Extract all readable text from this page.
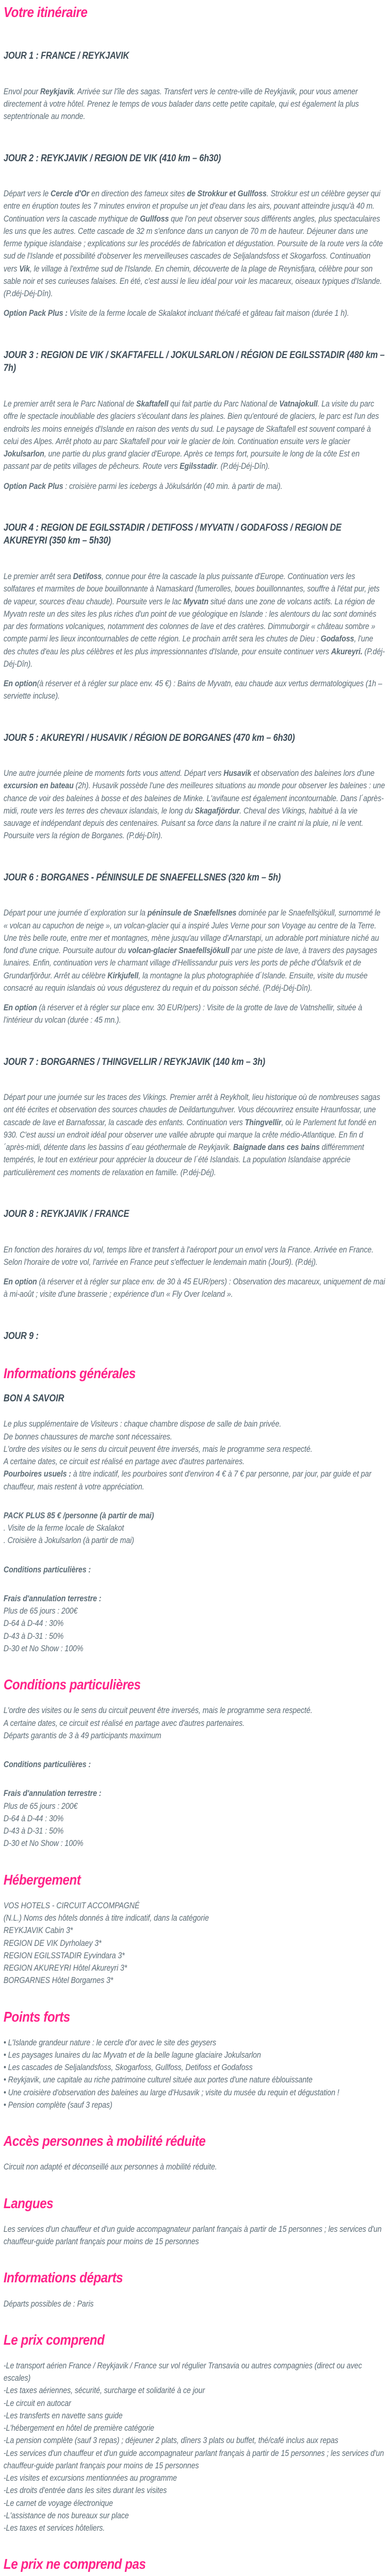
Votre itinéraire
JOUR 1 : FRANCE / REYKJAVIK

Envol pour Reykjavik. Arrivée sur l'île des sagas. Transfert vers le centre-ville de Reykjavik, pour vous amener directement à votre hôtel. Prenez le temps de vous balader dans cette petite capitale, qui est également la plus septentrionale au monde.

JOUR 2 : REYKJAVIK / REGION DE VIK (410 km – 6h30)

Départ vers le Cercle d'Or en direction des fameux sites de Strokkur et Gullfoss. Strokkur est un célèbre geyser qui entre en éruption toutes les 7 minutes environ et propulse un jet d'eau dans les airs, pouvant atteindre jusqu'à 40 m. Continuation vers la cascade mythique de Gullfoss que l'on peut observer sous différents angles, plus spectaculaires les uns que les autres. Cette cascade de 32 m s'enfonce dans un canyon de 70 m de hauteur. Déjeuner dans une ferme typique islandaise ; explications sur les procédés de fabrication et dégustation. Poursuite de la route vers la côte sud de l'Islande et possibilité d'observer les merveilleuses cascades de Seljalandsfoss et Skogarfoss. Continuation vers Vik, le village à l'extrême sud de l'Islande. En chemin, découverte de la plage de Reynisfjara, célèbre pour son sable noir et ses curieuses falaises. En été, c'est aussi le lieu idéal pour voir les macareux, oiseaux typiques d'Islande. (P.déj-Déj-Dîn).

Option Pack Plus : Visite de la ferme locale de Skalakot incluant thé/café et gâteau fait maison (durée 1 h).

JOUR 3 : REGION DE VIK / SKAFTAFELL / JOKULSARLON / RÉGION DE EGILSSTADIR (480 km – 7h)

Le premier arrêt sera le Parc National de Skaftafell qui fait partie du Parc National de Vatnajokull. La visite du parc offre le spectacle inoubliable des glaciers s'écoulant dans les plaines. Bien qu'entouré de glaciers, le parc est l'un des endroits les moins enneigés d'Islande en raison des vents du sud. Le paysage de Skaftafell est souvent comparé à celui des Alpes. Arrêt photo au parc Skaftafell pour voir le glacier de loin. Continuation ensuite vers le glacier Jokulsarlon, une partie du plus grand glacier d'Europe. Après ce temps fort, poursuite le long de la côte Est en passant par de petits villages de pêcheurs. Route vers Egilsstadir. (P.déj-Déj-Dîn).

Option Pack Plus : croisière parmi les icebergs à Jökulsárlón (40 min. à partir de mai).

JOUR 4 : REGION DE EGILSSTADIR / DETIFOSS / MYVATN / GODAFOSS / REGION DE AKUREYRI (350 km – 5h30)

Le premier arrêt sera Detifoss, connue pour être la cascade la plus puissante d'Europe. Continuation vers les solfatares et marmites de boue bouillonnante à Namaskard (fumerolles, boues bouillonnantes, souffre à l'état pur, jets de vapeur, sources d'eau chaude). Poursuite vers le lac Myvatn situé dans une zone de volcans actifs. La région de Myvatn reste un des sites les plus riches d'un point de vue géologique en Islande : les alentours du lac sont dominés par des formations volcaniques, notamment des colonnes de lave et des cratères. Dimmuborgir « château sombre » compte parmi les lieux incontournables de cette région. Le prochain arrêt sera les chutes de Dieu : Godafoss, l'une des chutes d'eau les plus célèbres et les plus impressionnantes d'Islande, pour ensuite continuer vers Akureyri. (P.déj-Déj-Dîn).

En option(à réserver et à régler sur place env. 45 €) : Bains de Myvatn, eau chaude aux vertus dermatologiques (1h – serviette incluse).

JOUR 5 : AKUREYRI / HUSAVIK / RÉGION DE BORGANES (470 km – 6h30)

Une autre journée pleine de moments forts vous attend. Départ vers Husavik et observation des baleines lors d'une excursion en bateau (2h). Husavik possède l'une des meilleures situations au monde pour observer les baleines : une chance de voir des baleines à bosse et des baleines de Minke. L'avifaune est également incontournable. Dans l´après-midi, route vers les terres des chevaux islandais, le long du Skagafjördur. Cheval des Vikings, habitué à la vie sauvage et indépendant depuis des centenaires. Puisant sa force dans la nature il ne craint ni la pluie, ni le vent. Poursuite vers la région de Borganes. (P.déj-Dîn).

JOUR 6 : BORGANES - PÉNINSULE DE SNAEFELLSNES (320 km – 5h)

Départ pour une journée d´exploration sur la péninsule de Snæfellsnes dominée par le Snaefellsjökull, surnommé le « volcan au capuchon de neige », un volcan-glacier qui a inspiré Jules Verne pour son Voyage au centre de la Terre. Une très belle route, entre mer et montagnes, mène jusqu'au village d'Arnarstapi, un adorable port miniature niché au fond d'une crique. Poursuite autour du volcan-glacier Snaefellsjökull par une piste de lave, à travers des paysages lunaires. Enfin, continuation vers le charmant village d'Hellissandur puis vers les ports de pêche d'Ólafsvík et de Grundarfjörður. Arrêt au célèbre Kirkjufell, la montagne la plus photographiée d´Islande. Ensuite, visite du musée consacré au requin islandais où vous dégusterez du requin et du poisson séché. (P.déj-Déj-Dîn).

En option (à réserver et à régler sur place env. 30 EUR/pers) : Visite de la grotte de lave de Vatnshellir, située à l'intérieur du volcan (durée : 45 mn.).

JOUR 7 : BORGARNES / THINGVELLIR / REYKJAVIK (140 km – 3h)

Départ pour une journée sur les traces des Vikings. Premier arrêt à Reykholt, lieu historique où de nombreuses sagas ont été écrites et observation des sources chaudes de Deildartunguhver. Vous découvrirez ensuite Hraunfossar, une cascade de lave et Barnafossar, la cascade des enfants. Continuation vers Thingvellir, où le Parlement fut fondé en 930. C'est aussi un endroit idéal pour observer une vallée abrupte qui marque la crête médio-Atlantique. En fin d´après-midi, détente dans les bassins d´eau géothermale de Reykjavik. Baignade dans ces bains différemment tempérés, le tout en extérieur pour apprécier la douceur de l´été Islandais. La population Islandaise apprécie particulièrement ces moments de relaxation en famille. (P.déj-Déj).

JOUR 8 : REYKJAVIK / FRANCE

En fonction des horaires du vol, temps libre et transfert à l'aéroport pour un envol vers la France. Arrivée en France. Selon l'horaire de votre vol, l'arrivée en France peut s'effectuer le lendemain matin (Jour9). (P.déj).

En option (à réserver et à régler sur place env. de 30 à 45 EUR/pers) : Observation des macareux, uniquement de mai à mi-août ; visite d'une brasserie ; expérience d'un « Fly Over Iceland ».

JOUR 9 :
Informations générales
BON A SAVOIR
Le plus supplémentaire de Visiteurs : chaque chambre dispose de salle de bain privée.
De bonnes chaussures de marche sont nécessaires.
L'ordre des visites ou le sens du circuit peuvent être inversés, mais le programme sera respecté.
A certaine dates, ce circuit est réalisé en partage avec d'autres partenaires.
Pourboires usuels : à titre indicatif, les pourboires sont d'environ 4 € à 7 € par personne, par jour, par guide et par chauffeur, mais restent à votre appréciation.
PACK PLUS 85 € /personne (à partir de mai)
. Visite de la ferme locale de Skalakot
. Croisière à Jokulsarlon (à partir de mai)
Conditions particulières :
Frais d'annulation terrestre :
Plus de 65 jours : 200€
D-64 à D-44 : 30%
D-43 à D-31 : 50%
D-30 et No Show : 100%
Conditions particulières
L'ordre des visites ou le sens du circuit peuvent être inversés, mais le programme sera respecté.
A certaine dates, ce circuit est réalisé en partage avec d'autres partenaires.
Départs garantis de 3 à 49 participants maximum
Conditions particulières :
Frais d'annulation terrestre :
Plus de 65 jours : 200€
D-64 à D-44 : 30%
D-43 à D-31 : 50%
D-30 et No Show : 100%
Hébergement
VOS HOTELS - CIRCUIT ACCOMPAGNÉ
(N.L.) Noms des hôtels donnés à titre indicatif, dans la catégorie
REYKJAVIK Cabin 3*
REGION DE VIK Dyrholaey 3*
REGION EGILSSTADIR Eyvindara 3*
REGION AKUREYRI Hôtel Akureyri 3*
BORGARNES Hôtel Borgarnes 3*
Points forts
• L'Islande grandeur nature : le cercle d'or avec le site des geysers
• Les paysages lunaires du lac Myvatn et de la belle lagune glaciaire Jokulsarlon
• Les cascades de Seljalandsfoss, Skogarfoss, Gullfoss, Detifoss et Godafoss
• Reykjavik, une capitale au riche patrimoine culturel située aux portes d'une nature éblouissante
• Une croisière d'observation des baleines au large d'Husavik ; visite du musée du requin et dégustation !
• Pension complète (sauf 3 repas)
Accès personnes à mobilité réduite
Circuit non adapté et déconseillé aux personnes à mobilité réduite.
Langues
Les services d'un chauffeur et d'un guide accompagnateur parlant français à partir de 15 personnes ; les services d'un chauffeur-guide parlant français pour moins de 15 personnes
Informations départs
Départs possibles de : Paris
Le prix comprend
-Le transport aérien France / Reykjavik / France sur vol régulier Transavia ou autres compagnies (direct ou avec escales)
-Les taxes aériennes, sécurité, surcharge et solidarité à ce jour
-Le circuit en autocar
-Les transferts en navette sans guide
-L'hébergement en hôtel de première catégorie
-La pension complète (sauf 3 repas) ; déjeuner 2 plats, dîners 3 plats ou buffet, thé/café inclus aux repas
-Les services d'un chauffeur et d'un guide accompagnateur parlant français à partir de 15 personnes ; les services d'un chauffeur-guide parlant français pour moins de 15 personnes
-Les visites et excursions mentionnées au programme
-Les droits d'entrée dans les sites durant les visites
-Le carnet de voyage électronique
-L'assistance de nos bureaux sur place
-Les taxes et services hôteliers.
Le prix ne comprend pas
